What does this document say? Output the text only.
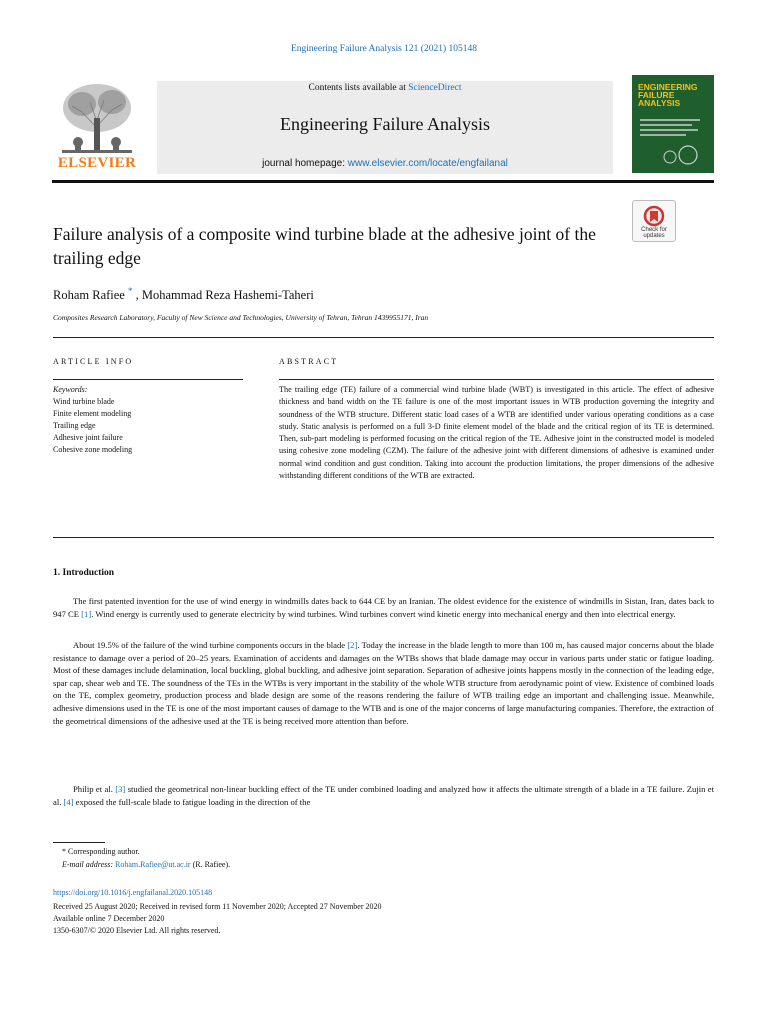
Engineering Failure Analysis 121 (2021) 105148
Contents lists available at ScienceDirect
Engineering Failure Analysis
journal homepage: www.elsevier.com/locate/engfailanal
ELSEVIER
ENGINEERING FAILURE ANALYSIS
Failure analysis of a composite wind turbine blade at the adhesive joint of the trailing edge
Check for updates
Roham Rafiee * , Mohammad Reza Hashemi-Taheri
Composites Research Laboratory, Faculty of New Science and Technologies, University of Tehran, Tehran 1439955171, Iran
ARTICLE INFO	ABSTRACT
Keywords:
Wind turbine blade
Finite element modeling
Trailing edge
Adhesive joint failure
Cohesive zone modeling
The trailing edge (TE) failure of a commercial wind turbine blade (WBT) is investigated in this article. The effect of adhesive thickness and band width on the TE failure is one of the most important issues in WTB production governing the integrity and soundness of the WTB structure. Different static load cases of a WTB are identified under various operating conditions as a case study. Static analysis is performed on a full 3-D finite element model of the blade and the critical region of its TE is determined. Then, sub-part modeling is performed focusing on the critical region of the TE. Adhesive joint in the constructed model is modeled using cohesive zone modeling (CZM). The failure of the adhesive joint with different dimensions of adhesive is examined under normal wind condition and gust condition. Taking into account the production limitations, the proper dimensions of the adhesive withstanding different conditions of the WTB are extracted.
1. Introduction
The first patented invention for the use of wind energy in windmills dates back to 644 CE by an Iranian. The oldest evidence for the existence of windmills in Sistan, Iran, dates back to 947 CE [1]. Wind energy is currently used to generate electricity by wind turbines. Wind turbines convert wind kinetic energy into mechanical energy and then into electrical energy.
About 19.5% of the failure of the wind turbine components occurs in the blade [2]. Today the increase in the blade length to more than 100 m, has caused major concerns about the blade resistance to damage over a period of 20–25 years. Examination of accidents and damages on the WTBs shows that blade damage may occur in various parts under static or fatigue loading. Most of these damages include delamination, local buckling, global buckling, and adhesive joint separation. Separation of adhesive joints happens mostly in the connection of the leading edge, spar cap, shear web and TE. The soundness of the TEs in the WTBs is very important in the stability of the whole WTB structure from aerodynamic point of view. Existence of combined loads on the TE, complex geometry, production process and blade design are some of the reasons rendering the failure of WTB trailing edge an important and challenging issue. Meanwhile, adhesive dimensions used in the TE is one of the most important causes of damage to the WTB and is one of the major concerns of large manufacturing companies. Therefore, the extraction of the geometrical dimensions of the adhesive used at the TE is being received more attention than before.
Philip et al. [3] studied the geometrical non-linear buckling effect of the TE under combined loading and analyzed how it affects the ultimate strength of a blade in a TE failure. Zujin et al. [4] exposed the full-scale blade to fatigue loading in the direction of the
* Corresponding author.
E-mail address: Roham.Rafiee@ut.ac.ir (R. Rafiee).
https://doi.org/10.1016/j.engfailanal.2020.105148
Received 25 August 2020; Received in revised form 11 November 2020; Accepted 27 November 2020
Available online 7 December 2020
1350-6307/© 2020 Elsevier Ltd. All rights reserved.
